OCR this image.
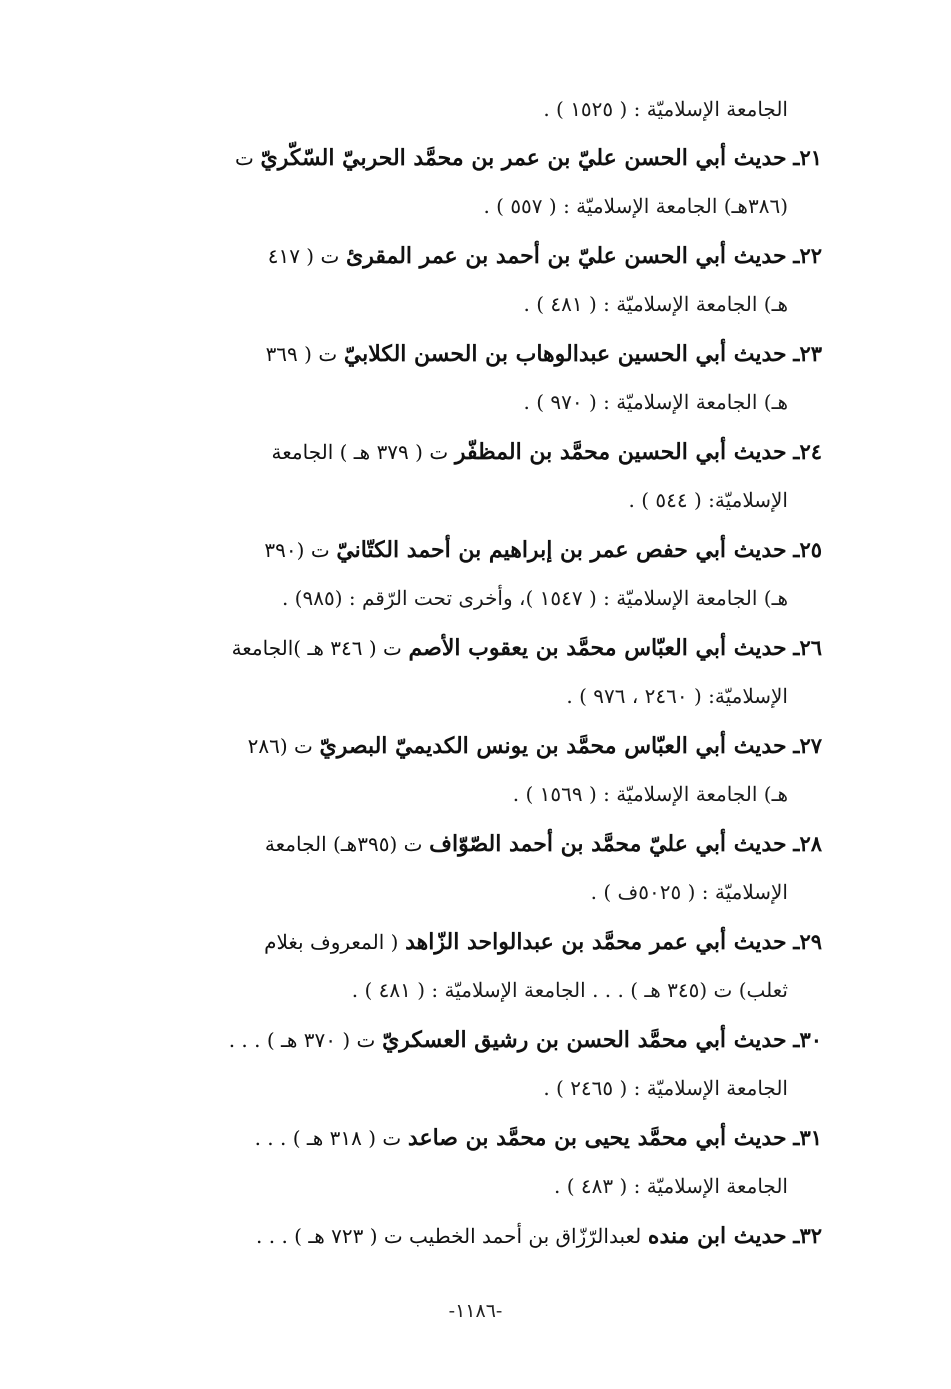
الجامعة الإسلاميّة : ( ١٥٢٥ ) .
٢١ـ حديث أبي الحسن عليّ بن عمر بن محمَّد الحربيّ السّكّريّ ت
(٣٨٦هـ) الجامعة الإسلاميّة : ( ٥٥٧ ) .
٢٢ـ حديث أبي الحسن عليّ بن أحمد بن عمر المقرئ ت ( ٤١٧
هـ) الجامعة الإسلاميّة : ( ٤٨١ ) .
٢٣ـ حديث أبي الحسين عبدالوهاب بن الحسن الكلابيّ ت ( ٣٦٩
هـ) الجامعة الإسلاميّة : ( ٩٧٠ ) .
٢٤ـ حديث أبي الحسين محمَّد بن المظفّر ت ( ٣٧٩ هـ ) الجامعة
الإسلاميّة: ( ٥٤٤ ) .
٢٥ـ حديث أبي حفص عمر بن إبراهيم بن أحمد الكتّانيّ ت (٣٩٠
هـ) الجامعة الإسلاميّة : ( ١٥٤٧ )، وأخرى تحت الرّقم : (٩٨٥) .
٢٦ـ حديث أبي العبّاس محمَّد بن يعقوب الأصم ت ( ٣٤٦ هـ )الجامعة
الإسلاميّة: ( ٢٤٦٠ ، ٩٧٦ ) .
٢٧ـ حديث أبي العبّاس محمَّد بن يونس الكديميّ البصريّ ت (٢٨٦
هـ) الجامعة الإسلاميّة : ( ١٥٦٩ ) .
٢٨ـ حديث أبي عليّ محمَّد بن أحمد الصّوّاف ت (٣٩٥هـ) الجامعة
الإسلاميّة : ( ٥٠٢٥ف ) .
٢٩ـ حديث أبي عمر محمَّد بن عبدالواحد الزّاهد ( المعروف بغلام
ثعلب) ت (٣٤٥ هـ ) . . . الجامعة الإسلاميّة : ( ٤٨١ ) .
٣٠ـ حديث أبي محمَّد الحسن بن رشيق العسكريّ ت ( ٣٧٠ هـ ) . . .
الجامعة الإسلاميّة : ( ٢٤٦٥ ) .
٣١ـ حديث أبي محمَّد يحيى بن محمَّد بن صاعد ت ( ٣١٨ هـ ) . . .
الجامعة الإسلاميّة : ( ٤٨٣ ) .
٣٢ـ حديث ابن منده لعبدالرّزّاق بن أحمد الخطيب ت ( ٧٢٣ هـ ) . . .
-١١٨٦-
